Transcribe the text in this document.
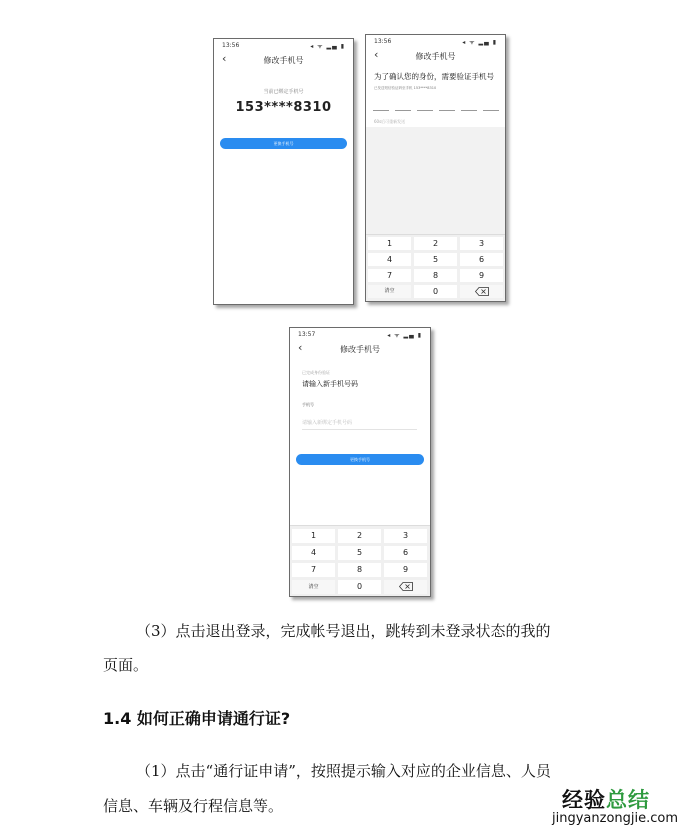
13:56	◂ ᯤ ▂▄ ▮
‹	修改手机号
当前已绑定手机号
153****8310
更换手机号
13:56	◂ ᯤ ▂▄ ▮
‹	修改手机号
为了确认您的身份，需要验证手机号
已发送短信验证码至手机 153****8310
60s后可重新发送
1	2	3
4	5	6
7	8	9
清空	0
13:57	◂ ᯤ ▂▄ ▮
‹	修改手机号
已完成身份验证
请输入新手机号码
手机号
请输入新绑定手机号码
更换手机号
1	2	3
4	5	6
7	8	9
清空	0
（3）点击退出登录，完成帐号退出，跳转到未登录状态的我的
页面。
1.4 如何正确申请通行证?
（1）点击“通行证申请”，按照提示输入对应的企业信息、人员
信息、车辆及行程信息等。	经验总结
jingyanzongjie.com
